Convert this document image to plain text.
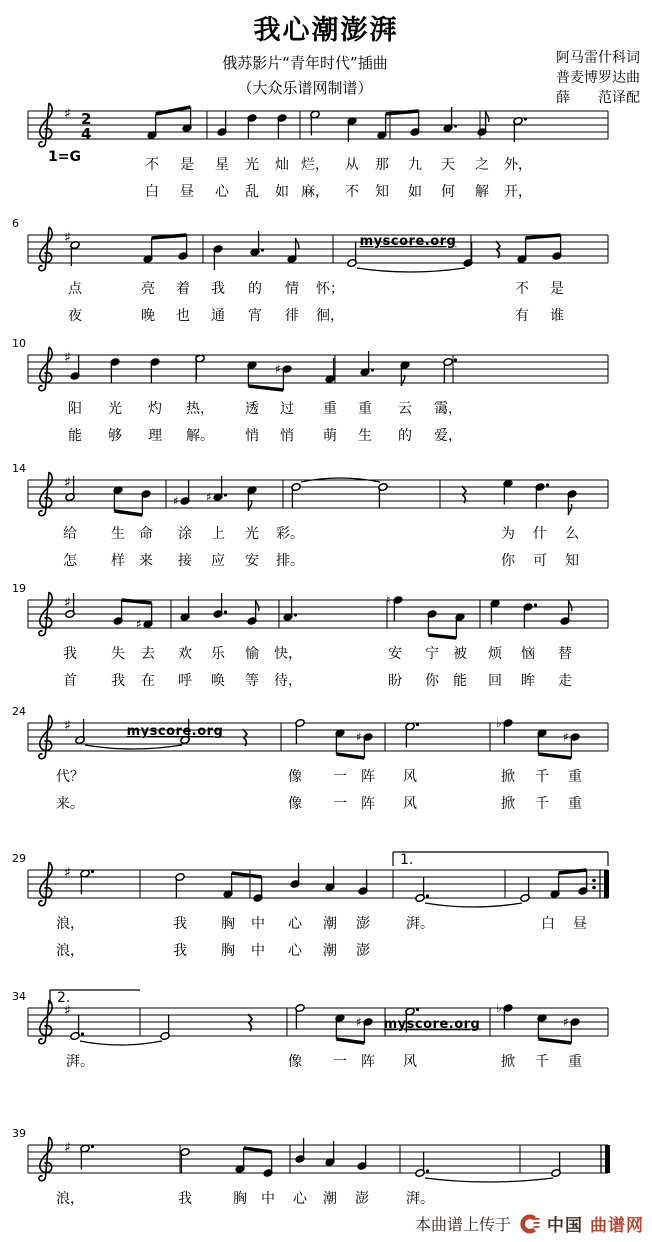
我心潮澎湃
俄苏影片“青年时代”插曲
（大众乐谱网制谱）
阿马雷什科词
普麦博罗达曲
薛　　范译配
♯ 2
4
1=G	不 是 星 光 灿 烂， 从 那 九 天 之 外，
白 昼 心 乱 如 麻， 不 知 如 何 解 开，
♯
6
myscore.org
点	亮 着 我 的 情 怀；	不 是
夜	晚 也 通 宵 徘 徊，	有 谁
♯
10
♯
阳 光 灼 热， 透 过 重 重 云 霭，
能 够 理 解。 悄 悄 萌 生 的 爱，
♯
14
♯ ♯
给 生 命 涂 上 光 彩。	为 什 么
怎 样 来 接 应 安 排。	你 可 知
♯
19
♯
♮
我 失 去 欢 乐 愉 快，	安 宁 被 烦 恼 替
首 我 在 呼 唤 等 待，	盼 你 能 回 眸 走
♯
24
♯
♭
♯
myscore.org
代？	像 一 阵 风	掀 千 重
来。	像 一 阵 风	掀 千 重
♯
29	1.
浪，	我 胸 中 心 潮 澎	湃。	白 昼
浪，	我 胸 中 心 潮 澎
♯
34 2.
♯
♭
♯
myscore.org
湃。	像 一 阵 风	掀 千 重
♯
39
浪，	我	胸 中 心 潮 澎	湃。
本曲谱上传于 中国 曲谱网
